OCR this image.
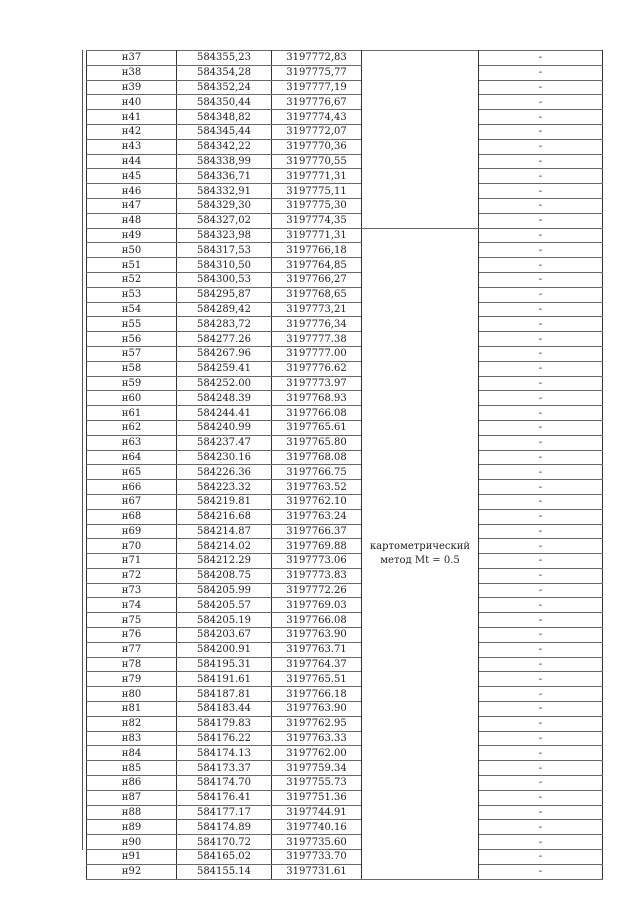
н37	584355,23	3197772,83		-
н38	584354,28	3197775,77		-
н39	584352,24	3197777,19		-
н40	584350,44	3197776,67		-
н41	584348,82	3197774,43		-
н42	584345,44	3197772,07		-
н43	584342,22	3197770,36		-
н44	584338,99	3197770,55		-
н45	584336,71	3197771,31		-
н46	584332,91	3197775,11		-
н47	584329,30	3197775,30		-
н48	584327,02	3197774,35		-
н49	584323,98	3197771,31	картометрический метод Mt = 0.5	-
н50	584317,53	3197766,18		-
н51	584310,50	3197764,85		-
н52	584300,53	3197766,27		-
н53	584295,87	3197768,65		-
н54	584289,42	3197773,21		-
н55	584283,72	3197776,34		-
н56	584277.26	3197777.38		-
н57	584267.96	3197777.00		-
н58	584259.41	3197776.62		-
н59	584252.00	3197773.97		-
н60	584248.39	3197768.93		-
н61	584244.41	3197766.08		-
н62	584240.99	3197765.61		-
н63	584237.47	3197765.80		-
н64	584230.16	3197768.08		-
н65	584226.36	3197766.75		-
н66	584223.32	3197763.52		-
н67	584219.81	3197762.10		-
н68	584216.68	3197763.24		-
н69	584214.87	3197766.37		-
н70	584214.02	3197769.88		-
н71	584212.29	3197773.06		-
н72	584208.75	3197773.83		-
н73	584205.99	3197772.26		-
н74	584205.57	3197769.03		-
н75	584205.19	3197766.08		-
н76	584203.67	3197763.90		-
н77	584200.91	3197763.71		-
н78	584195.31	3197764.37		-
н79	584191.61	3197765.51		-
н80	584187.81	3197766.18		-
н81	584183.44	3197763.90		-
н82	584179.83	3197762.95		-
н83	584176.22	3197763.33		-
н84	584174.13	3197762.00		-
н85	584173.37	3197759.34		-
н86	584174.70	3197755.73		-
н87	584176.41	3197751.36		-
н88	584177.17	3197744.91		-
н89	584174.89	3197740.16		-
н90	584170.72	3197735.60		-
н91	584165.02	3197733.70		-
н92	584155.14	3197731.61		-
